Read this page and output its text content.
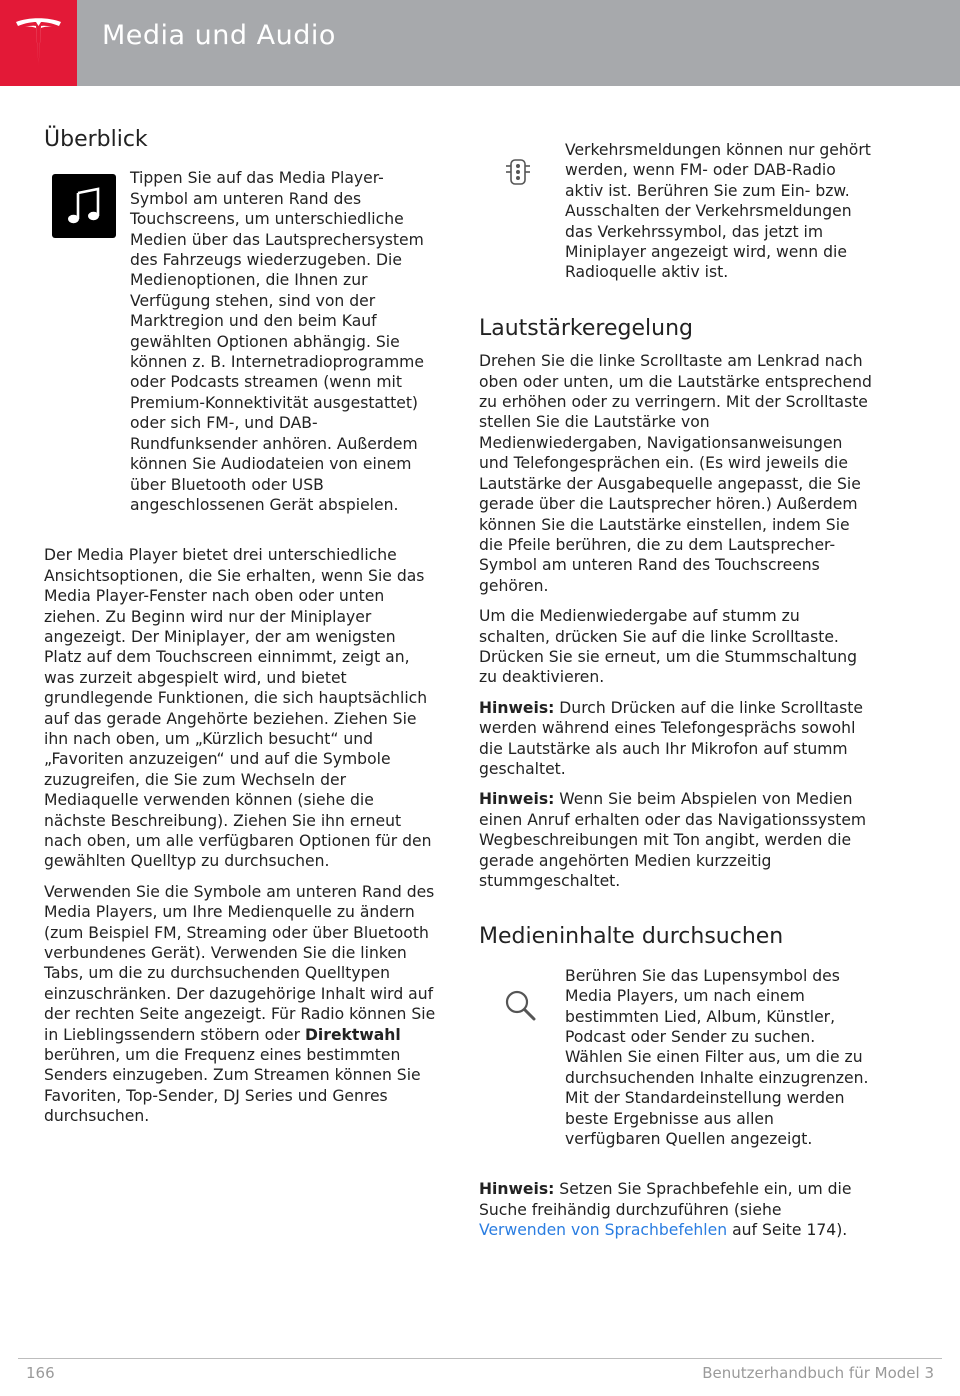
Media und Audio
Überblick
Tippen Sie auf das Media Player-Symbol am unteren Rand des Touchscreens, um unterschiedliche Medien über das Lautsprechersystem des Fahrzeugs wiederzugeben. Die Medienoptionen, die Ihnen zur Verfügung stehen, sind von der Marktregion und den beim Kauf gewählten Optionen abhängig. Sie können z. B. Internetradioprogramme oder Podcasts streamen (wenn mit Premium-Konnektivität ausgestattet) oder sich FM-, und DAB-Rundfunksender anhören. Außerdem können Sie Audiodateien von einem über Bluetooth oder USB angeschlossenen Gerät abspielen.

Der Media Player bietet drei unterschiedliche Ansichtsoptionen, die Sie erhalten, wenn Sie das Media Player-Fenster nach oben oder unten ziehen. Zu Beginn wird nur der Miniplayer angezeigt. Der Miniplayer, der am wenigsten Platz auf dem Touchscreen einnimmt, zeigt an, was zurzeit abgespielt wird, und bietet grundlegende Funktionen, die sich hauptsächlich auf das gerade Angehörte beziehen. Ziehen Sie ihn nach oben, um „Kürzlich besucht“ und „Favoriten anzuzeigen“ und auf die Symbole zuzugreifen, die Sie zum Wechseln der Mediaquelle verwenden können (siehe die nächste Beschreibung). Ziehen Sie ihn erneut nach oben, um alle verfügbaren Optionen für den gewählten Quelltyp zu durchsuchen.

Verwenden Sie die Symbole am unteren Rand des Media Players, um Ihre Medienquelle zu ändern (zum Beispiel FM, Streaming oder über Bluetooth verbundenes Gerät). Verwenden Sie die linken Tabs, um die zu durchsuchenden Quelltypen einzuschränken. Der dazugehörige Inhalt wird auf der rechten Seite angezeigt. Für Radio können Sie in Lieblingssendern stöbern oder Direktwahl berühren, um die Frequenz eines bestimmten Senders einzugeben. Zum Streamen können Sie Favoriten, Top-Sender, DJ Series und Genres durchsuchen.

Verkehrsmeldungen können nur gehört werden, wenn FM- oder DAB-Radio aktiv ist. Berühren Sie zum Ein- bzw. Ausschalten der Verkehrsmeldungen das Verkehrssymbol, das jetzt im Miniplayer angezeigt wird, wenn die Radioquelle aktiv ist.
Lautstärkeregelung

Drehen Sie die linke Scrolltaste am Lenkrad nach oben oder unten, um die Lautstärke entsprechend zu erhöhen oder zu verringern. Mit der Scrolltaste stellen Sie die Lautstärke von Medienwiedergaben, Navigationsanweisungen und Telefongesprächen ein. (Es wird jeweils die Lautstärke der Ausgabequelle angepasst, die Sie gerade über die Lautsprecher hören.) Außerdem können Sie die Lautstärke einstellen, indem Sie die Pfeile berühren, die zu dem Lautsprecher-Symbol am unteren Rand des Touchscreens gehören.

Um die Medienwiedergabe auf stumm zu schalten, drücken Sie auf die linke Scrolltaste. Drücken Sie sie erneut, um die Stummschaltung zu deaktivieren.

Hinweis: Durch Drücken auf die linke Scrolltaste werden während eines Telefongesprächs sowohl die Lautstärke als auch Ihr Mikrofon auf stumm geschaltet.

Hinweis: Wenn Sie beim Abspielen von Medien einen Anruf erhalten oder das Navigationssystem Wegbeschreibungen mit Ton angibt, werden die gerade angehörten Medien kurzzeitig stummgeschaltet.

Medieninhalte durchsuchen
Berühren Sie das Lupensymbol des Media Players, um nach einem bestimmten Lied, Album, Künstler, Podcast oder Sender zu suchen. Wählen Sie einen Filter aus, um die zu durchsuchenden Inhalte einzugrenzen. Mit der Standardeinstellung werden beste Ergebnisse aus allen verfügbaren Quellen angezeigt.

Hinweis: Setzen Sie Sprachbefehle ein, um die Suche freihändig durchzuführen (siehe Verwenden von Sprachbefehlen auf Seite 174).

166	Benutzerhandbuch für Model 3
